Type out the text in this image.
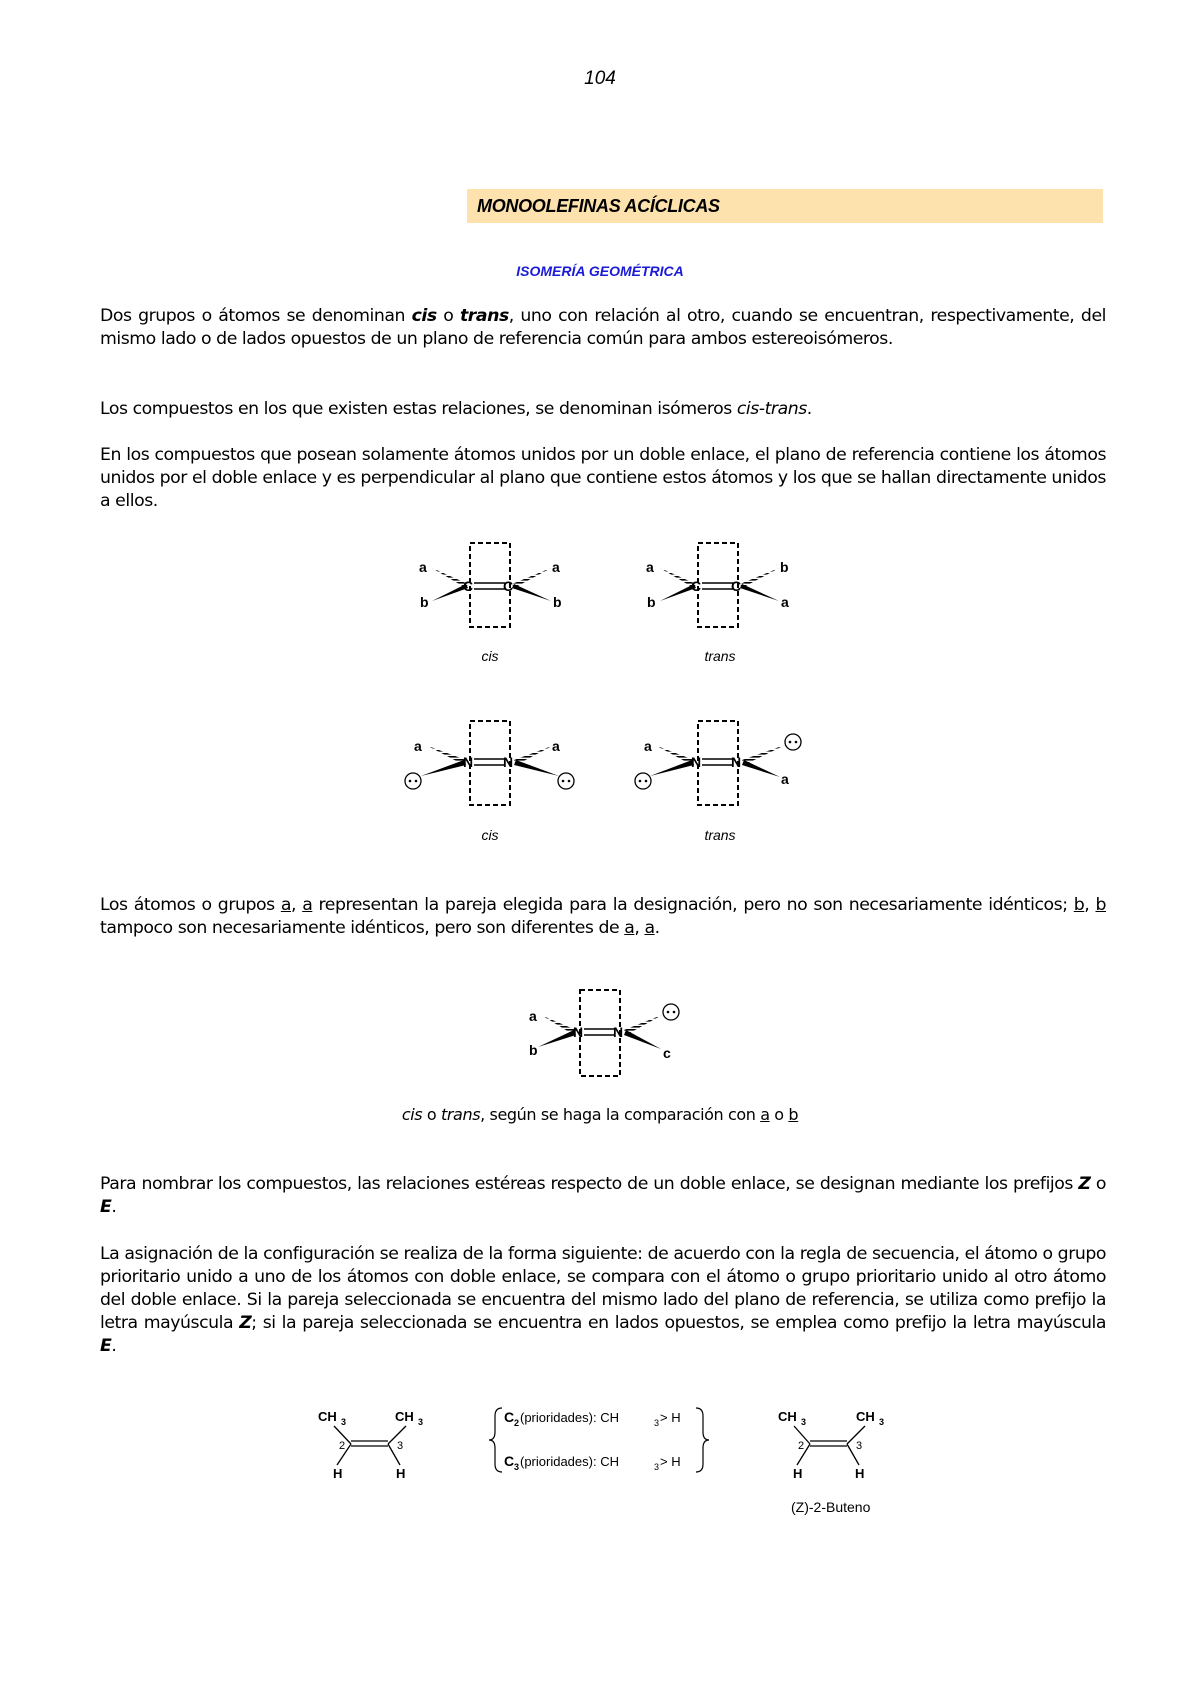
104
MONOOLEFINAS ACÍCLICAS
ISOMERÍA GEOMÉTRICA
Dos grupos o átomos se denominan cis o trans, uno con relación al otro, cuando se encuentran, respectivamente, del mismo lado o de lados opuestos de un plano de referencia común para ambos estereoisómeros.
Los compuestos en los que existen estas relaciones, se denominan isómeros cis-trans.
En los compuestos que posean solamente átomos unidos por un doble enlace, el plano de referencia contiene los átomos unidos por el doble enlace y es perpendicular al plano que contiene estos átomos y los que se hallan directamente unidos a ellos.
C C
a
b
a
b
C C
a
b
b
a
cis	trans
N N
a	a
N N
a
a
cis	trans
Los átomos o grupos a, a representan la pareja elegida para la designación, pero no son necesariamente idénticos; b, b tampoco son necesariamente idénticos, pero son diferentes de a, a.
N N
a
b	c
cis o trans, según se haga la comparación con a o b
Para nombrar los compuestos, las relaciones estéreas respecto de un doble enlace, se designan mediante los prefijos Z o E.
La asignación de la configuración se realiza de la forma siguiente: de acuerdo con la regla de secuencia, el átomo o grupo prioritario unido a uno de los átomos con doble enlace, se compara con el átomo o grupo prioritario unido al otro átomo del doble enlace. Si la pareja seleccionada se encuentra del mismo lado del plano de referencia, se utiliza como prefijo la letra mayúscula Z; si la pareja seleccionada se encuentra en lados opuestos, se emplea como prefijo la letra mayúscula E.
CH 3	CH 3
H	H
2	3
C 2 (prioridades): CH	3 > H
C 3 (prioridades): CH	3 > H
CH 3	CH 3
H	H
2	3
(Z)-2-Buteno
